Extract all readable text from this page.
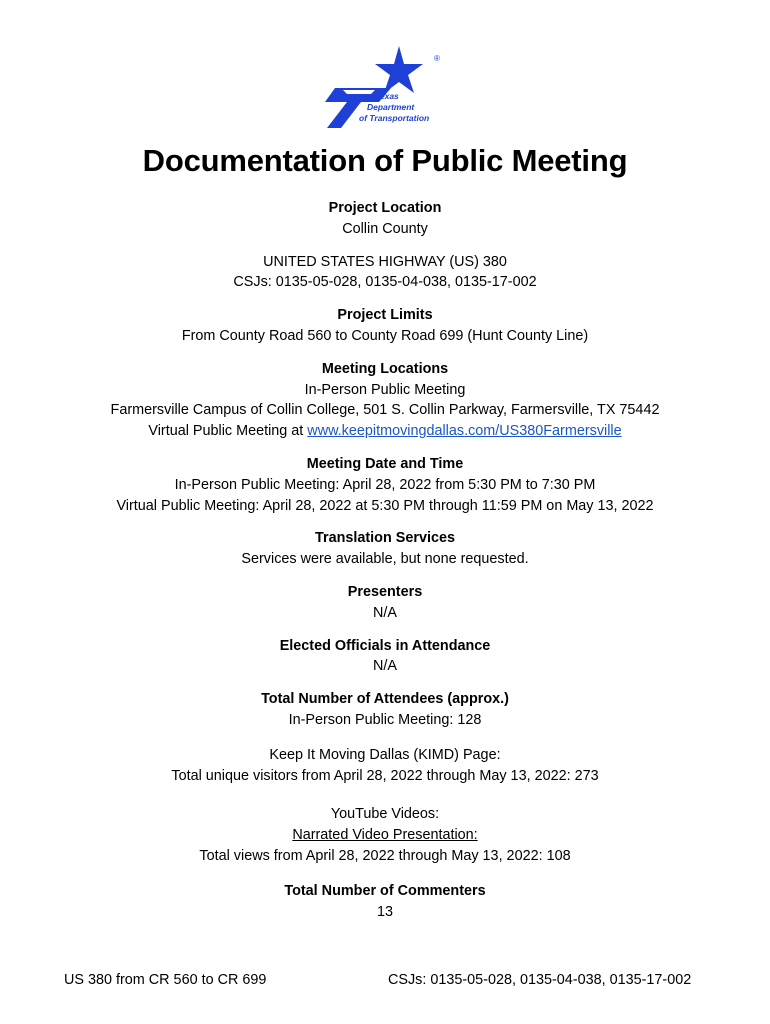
®
Texas
Department
of Transportation
Documentation of Public Meeting
Project Location
Collin County
UNITED STATES HIGHWAY (US) 380
CSJs: 0135-05-028, 0135-04-038, 0135-17-002
Project Limits
From County Road 560 to County Road 699 (Hunt County Line)
Meeting Locations
In-Person Public Meeting
Farmersville Campus of Collin College, 501 S. Collin Parkway, Farmersville, TX 75442
Virtual Public Meeting at www.keepitmovingdallas.com/US380Farmersville
Meeting Date and Time
In-Person Public Meeting: April 28, 2022 from 5:30 PM to 7:30 PM
Virtual Public Meeting: April 28, 2022 at 5:30 PM through 11:59 PM on May 13, 2022
Translation Services
Services were available, but none requested.
Presenters
N/A
Elected Officials in Attendance
N/A
Total Number of Attendees (approx.)
In-Person Public Meeting: 128
Keep It Moving Dallas (KIMD) Page:
Total unique visitors from April 28, 2022 through May 13, 2022: 273
YouTube Videos:
Narrated Video Presentation:
Total views from April 28, 2022 through May 13, 2022: 108
Total Number of Commenters
13
US 380 from CR 560 to CR 699	CSJs: 0135-05-028, 0135-04-038, 0135-17-002
